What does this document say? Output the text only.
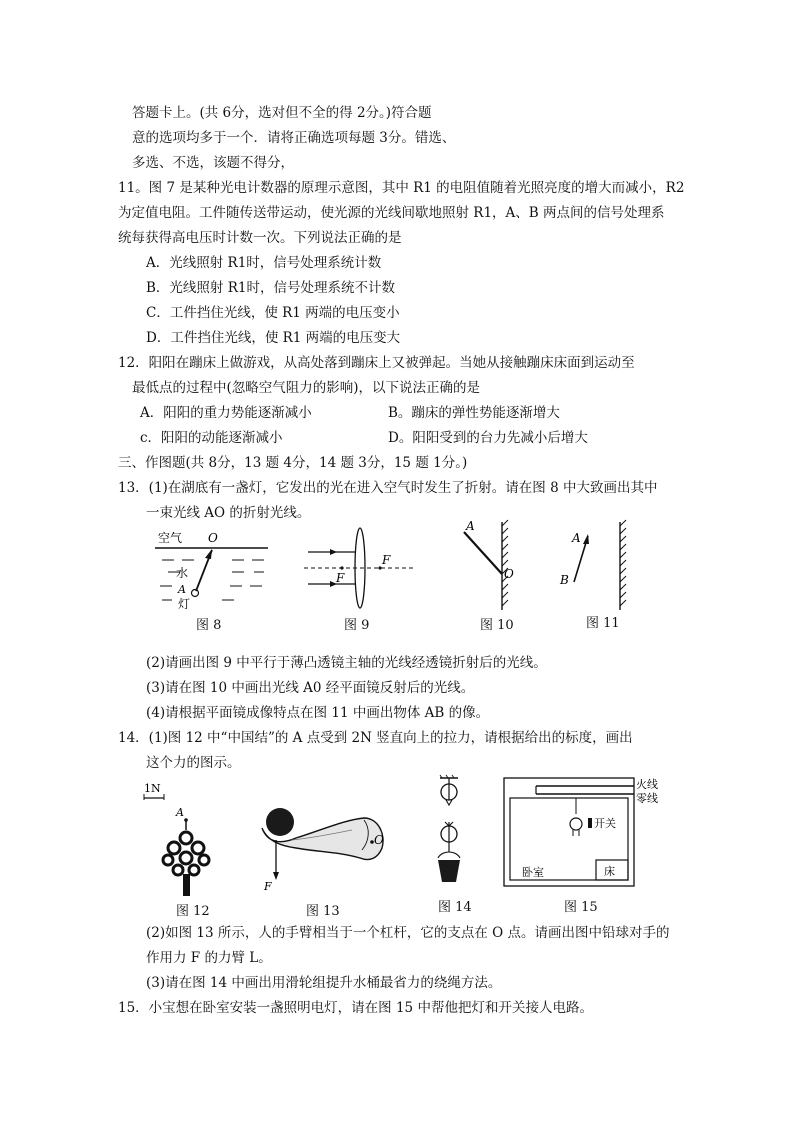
答题卡上。(共 6分，选对但不全的得 2分。)符合题
意的选项均多于一个．请将正确选项每题 3分。错选、
多选、不选，该题不得分，
11。图 7 是某种光电计数器的原理示意图，其中 R1 的电阻值随着光照亮度的增大而减小，R2
为定值电阻。工件随传送带运动，使光源的光线间歇地照射 R1，A、B 两点间的信号处理系
统每获得高电压时计数一次。下列说法正确的是
A．光线照射 R1时，信号处理系统计数
B．光线照射 R1时，信号处理系统不计数
C．工件挡住光线，使 R1 两端的电压变小
D．工件挡住光线，使 R1 两端的电压变大
12．阳阳在蹦床上做游戏，从高处落到蹦床上又被弹起。当她从接触蹦床床面到运动至
最低点的过程中(忽略空气阻力的影响)，以下说法正确的是
A．阳阳的重力势能逐渐减小	B。蹦床的弹性势能逐渐增大
c．阳阳的动能逐渐减小	D。阳阳受到的台力先减小后增大
三、作图题(共 8分，13 题 4分，14 题 3分，15 题 1分。)
13．(1)在湖底有一盏灯，它发出的光在进入空气时发生了折射。请在图 8 中大致画出其中
一束光线 AO 的折射光线。
空气 O
水
A
灯
图 8
F
F
图 9
A
O
图 10
A
B
图 11
(2)请画出图 9 中平行于薄凸透镜主轴的光线经透镜折射后的光线。
(3)请在图 10 中画出光线 A0 经平面镜反射后的光线。
(4)请根据平面镜成像特点在图 11 中画出物体 AB 的像。
14．(1)图 12 中“中国结”的 A 点受到 2N 竖直向上的拉力，请根据给出的标度，画出
这个力的图示。
1N
A
图 12
O
F
图 13	图 14
火线
零线
开关
卧室	床
图 15
(2)如图 13 所示，人的手臂相当于一个杠杆，它的支点在 O 点。请画出图中铅球对手的
作用力 F 的力臂 L。
(3)请在图 14 中画出用滑轮组提升水桶最省力的绕绳方法。
15．小宝想在卧室安装一盏照明电灯，请在图 15 中帮他把灯和开关接人电路。
